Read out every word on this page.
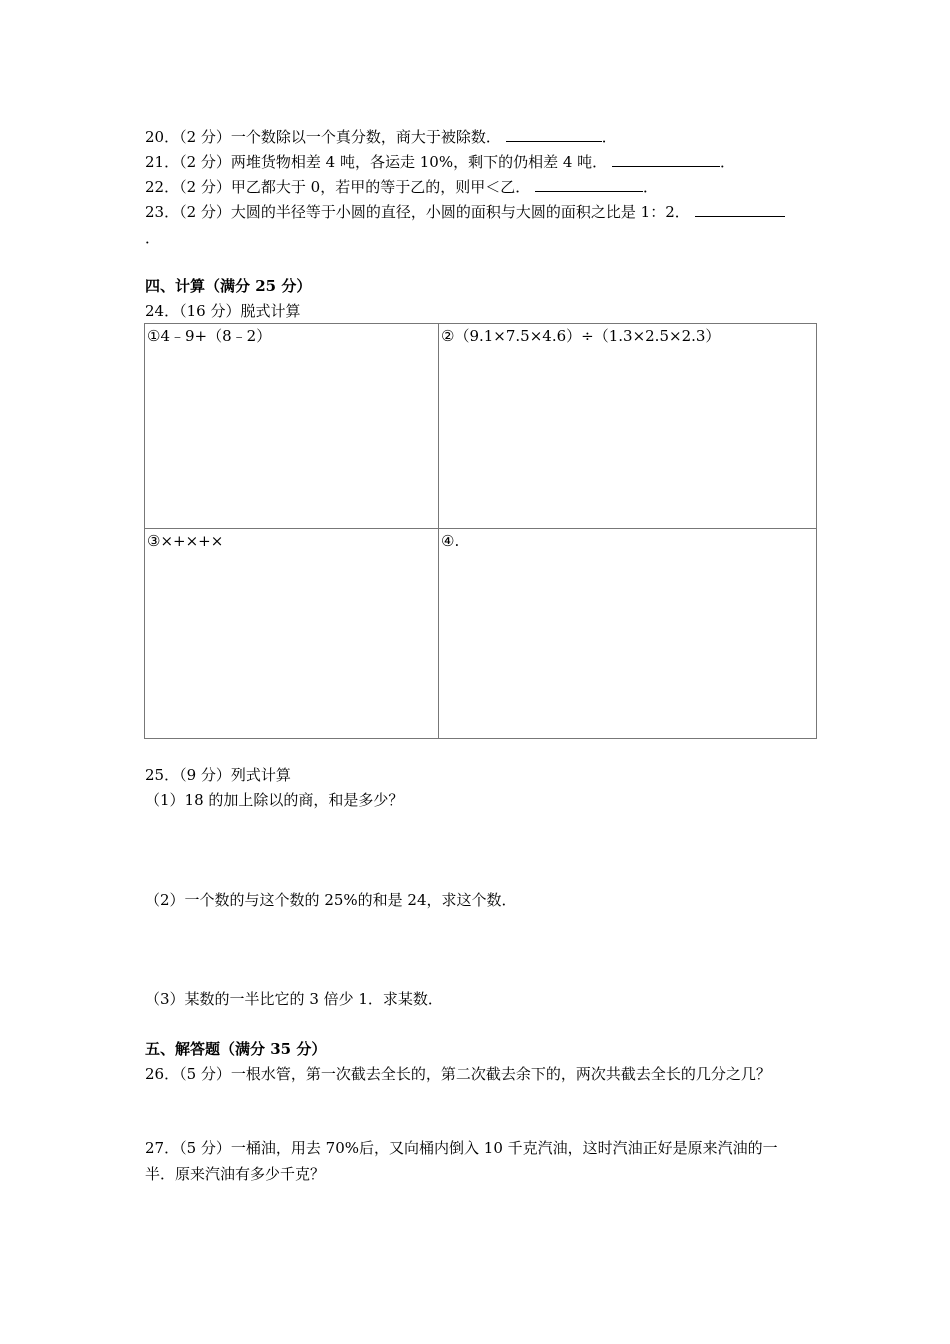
20．（2 分）一个数除以一个真分数，商大于被除数．	．
21．（2 分）两堆货物相差 4 吨，各运走 10%，剩下的仍相差 4 吨．	．
22．（2 分）甲乙都大于 0，若甲的等于乙的，则甲＜乙．	．
23．（2 分）大圆的半径等于小圆的直径，小圆的面积与大圆的面积之比是 1：2．
．
四、计算（满分 25 分）
24．（16 分）脱式计算
①4﹣9+（8﹣2）	②（9.1×7.5×4.6）÷（1.3×2.5×2.3）
③×+×+×	④.
25．（9 分）列式计算
（1）18 的加上除以的商，和是多少？
（2）一个数的与这个数的 25%的和是 24，求这个数．
（3）某数的一半比它的 3 倍少 1．求某数．
五、解答题（满分 35 分）
26．（5 分）一根水管，第一次截去全长的，第二次截去余下的，两次共截去全长的几分之几？
27．（5 分）一桶油，用去 70%后，又向桶内倒入 10 千克汽油，这时汽油正好是原来汽油的一
半．原来汽油有多少千克？
